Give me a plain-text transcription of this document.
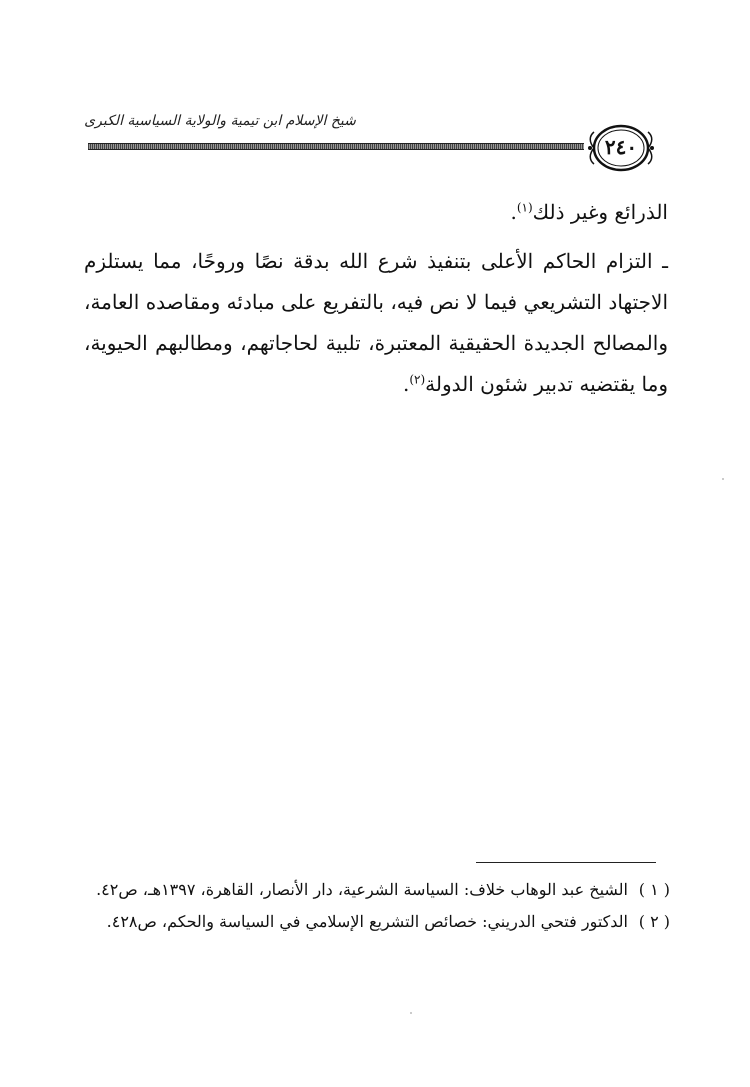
شيخ الإسلام ابن تيمية والولاية السياسية الكبرى
٢٤٠

الذرائع وغير ذلك$^{(١)}$.

ـ التزام الحاكم الأعلى بتنفيذ شرع الله بدقة نصًا وروحًا، مما يستلزم الاجتهاد التشريعي فيما لا نص فيه، بالتفريع على مبادئه ومقاصده العامة، والمصالح الجديدة الحقيقية المعتبرة، تلبية لحاجاتهم، ومطالبهم الحيوية، وما يقتضيه تدبير شئون الدولة$^{(٢)}$.

( ١ )
الشيخ عبد الوهاب خلاف: السياسة الشرعية، دار الأنصار، القاهرة، ١٣٩٧هـ، ص٤٢.
( ٢ )
الدكتور فتحي الدريني: خصائص التشريع الإسلامي في السياسة والحكم، ص٤٢٨.
